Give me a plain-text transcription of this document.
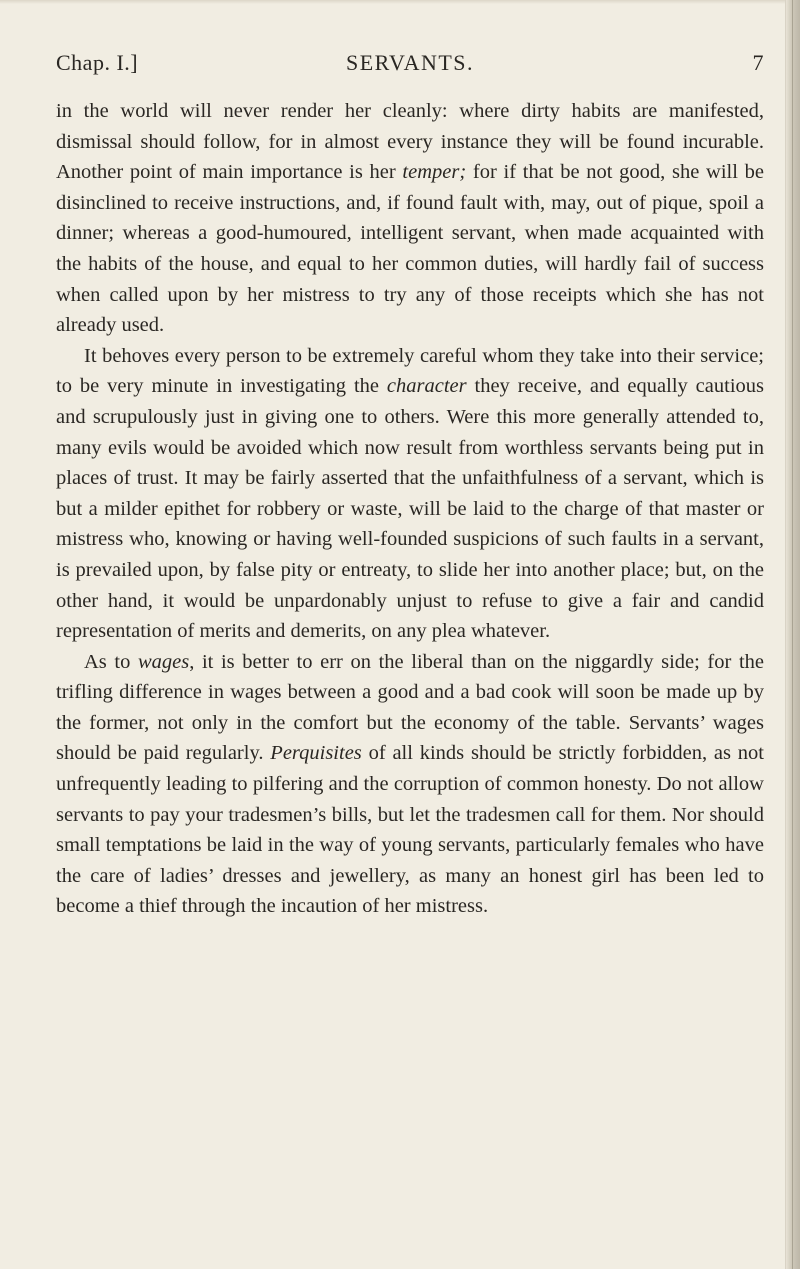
Chap. I.]	SERVANTS.	7

in the world will never render her cleanly: where dirty habits are manifested, dismissal should follow, for in almost every instance they will be found incurable. Another point of main importance is her temper; for if that be not good, she will be disinclined to receive instructions, and, if found fault with, may, out of pique, spoil a dinner; whereas a good-humoured, intelligent servant, when made acquainted with the habits of the house, and equal to her common duties, will hardly fail of success when called upon by her mistress to try any of those receipts which she has not already used.

It behoves every person to be extremely careful whom they take into their service; to be very minute in investigating the character they receive, and equally cautious and scrupulously just in giving one to others. Were this more generally attended to, many evils would be avoided which now result from worthless servants being put in places of trust. It may be fairly asserted that the unfaithfulness of a servant, which is but a milder epithet for robbery or waste, will be laid to the charge of that master or mistress who, knowing or having well-founded suspicions of such faults in a servant, is prevailed upon, by false pity or entreaty, to slide her into another place; but, on the other hand, it would be unpardonably unjust to refuse to give a fair and candid representation of merits and demerits, on any plea whatever.

As to wages, it is better to err on the liberal than on the niggardly side; for the trifling difference in wages between a good and a bad cook will soon be made up by the former, not only in the comfort but the economy of the table. Servants’ wages should be paid regularly. Perquisites of all kinds should be strictly forbidden, as not unfrequently leading to pilfering and the corruption of common honesty. Do not allow servants to pay your tradesmen’s bills, but let the tradesmen call for them. Nor should small temptations be laid in the way of young servants, particularly females who have the care of ladies’ dresses and jewellery, as many an honest girl has been led to become a thief through the incaution of her mistress.
